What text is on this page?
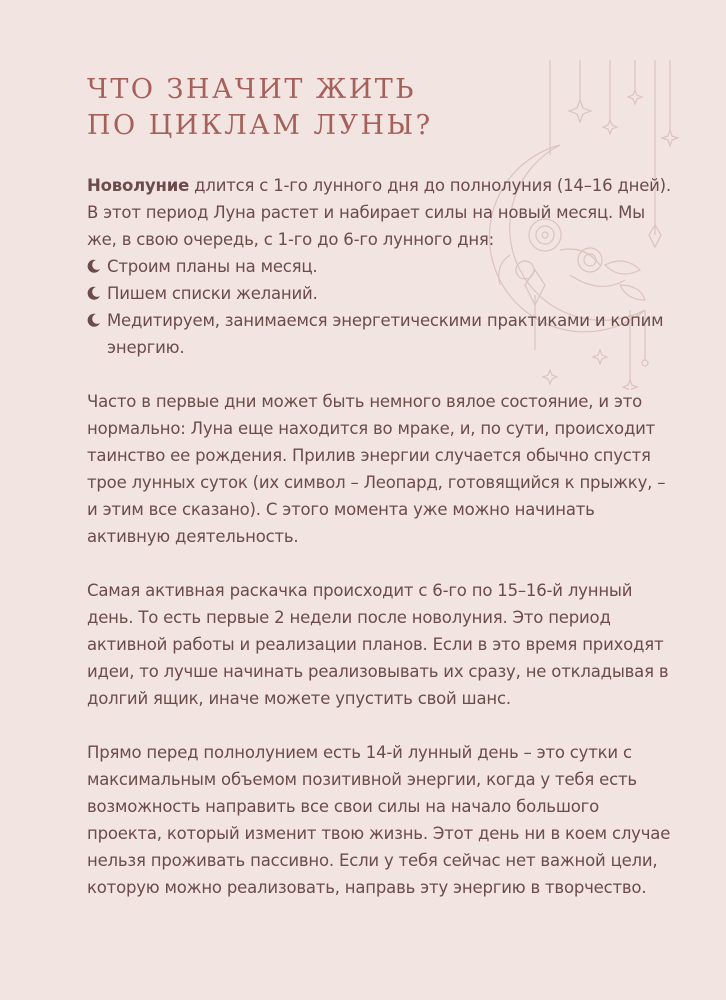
ЧТО ЗНАЧИТ ЖИТЬ
ПО ЦИКЛАМ ЛУНЫ?

Новолуние длится с 1-го лунного дня до полнолуния (14–16 дней). В этот период Луна растет и набирает силы на новый месяц. Мы же, в свою очередь, с 1-го до 6-го лунного дня:

Строим планы на месяц.
Пишем списки желаний.
Медитируем, занимаемся энергетическими практиками и копим энергию.

Часто в первые дни может быть немного вялое состояние, и это нормально: Луна еще находится во мраке, и, по сути, происходит таинство ее рождения. Прилив энергии случается обычно спустя трое лунных суток (их символ – Леопард, готовящийся к прыжку, – и этим все сказано). С этого момента уже можно начинать активную деятельность.

Самая активная раскачка происходит с 6-го по 15–16-й лунный день. То есть первые 2 недели после новолуния. Это период активной работы и реализации планов. Если в это время приходят идеи, то лучше начинать реализовывать их сразу, не откладывая в долгий ящик, иначе можете упустить свой шанс.

Прямо перед полнолунием есть 14-й лунный день – это сутки с максимальным объемом позитивной энергии, когда у тебя есть возможность направить все свои силы на начало большого проекта, который изменит твою жизнь. Этот день ни в коем случае нельзя проживать пассивно. Если у тебя сейчас нет важной цели, которую можно реализовать, направь эту энергию в творчество.
